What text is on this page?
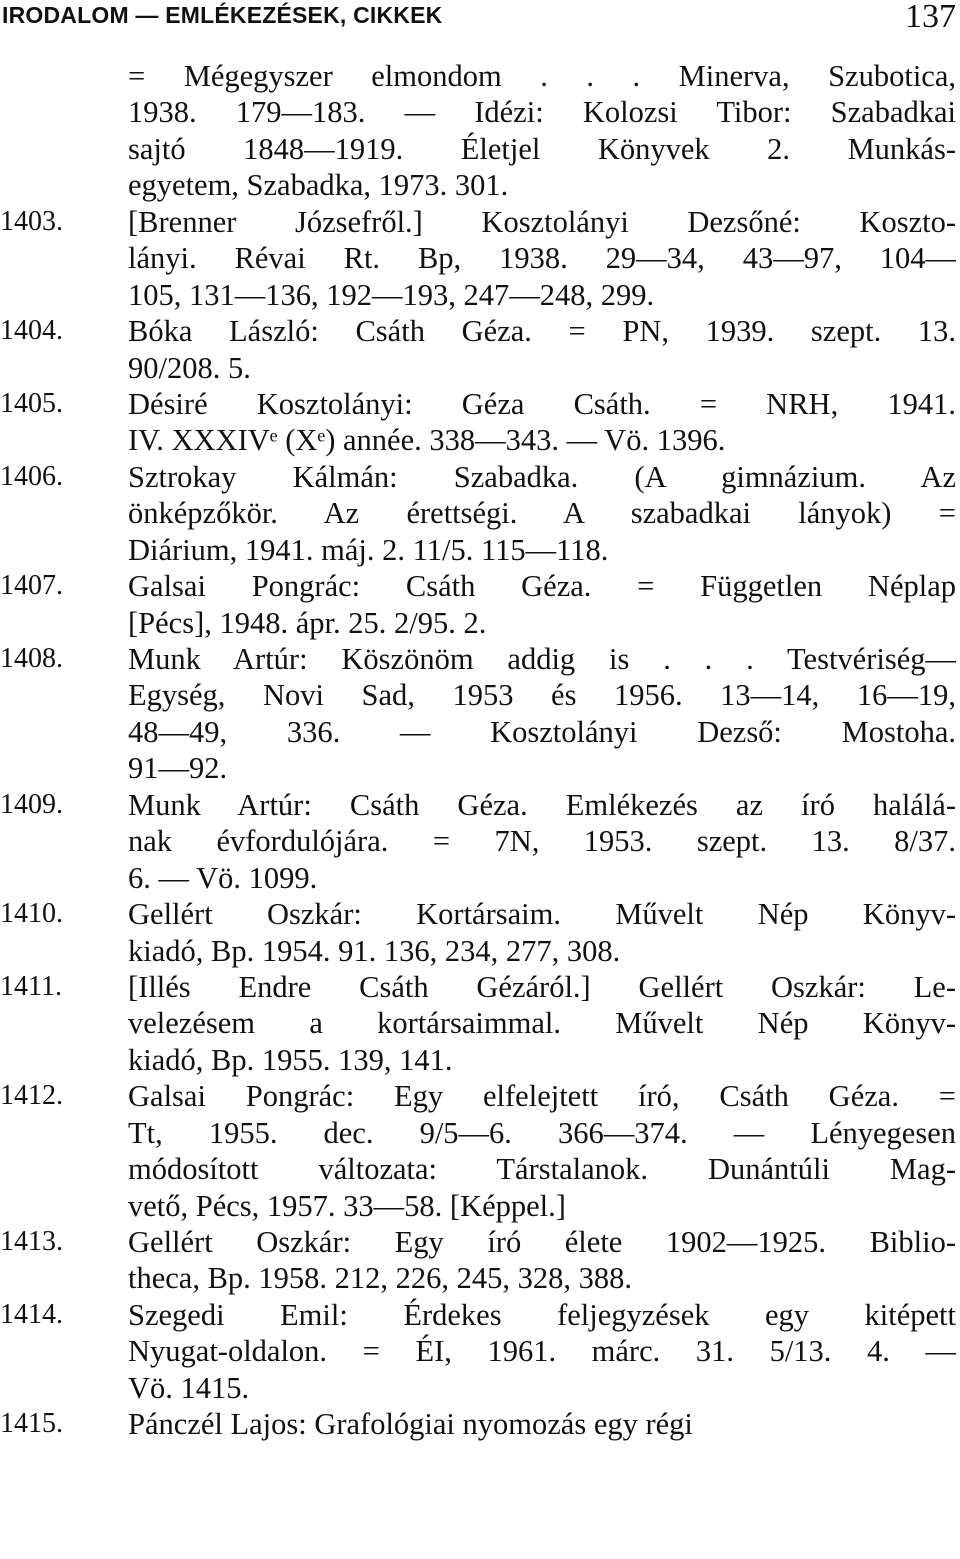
IRODALOM — EMLÉKEZÉSEK, CIKKEK	137
= Mégegyszer elmondom . . . Minerva, Szubotica,
1938. 179—183. — Idézi: Kolozsi Tibor: Szabadkai
sajtó 1848—1919. Életjel Könyvek 2. Munkás-
egyetem, Szabadka, 1973. 301.
1403.	[Brenner Józsefről.] Kosztolányi Dezsőné: Koszto-
lányi. Révai Rt. Bp, 1938. 29—34, 43—97, 104—
105, 131—136, 192—193, 247—248, 299.
1404.	Bóka László: Csáth Géza. = PN, 1939. szept. 13.
90/208. 5.
1405.	Désiré Kosztolányi: Géza Csáth. = NRH, 1941.
IV. XXXIVᵉ (Xᵉ) année. 338—343. — Vö. 1396.
1406.	Sztrokay Kálmán: Szabadka. (A gimnázium. Az
önképzőkör. Az érettségi. A szabadkai lányok) =
Diárium, 1941. máj. 2. 11/5. 115—118.
1407.	Galsai Pongrác: Csáth Géza. = Független Néplap
[Pécs], 1948. ápr. 25. 2/95. 2.
1408.	Munk Artúr: Köszönöm addig is . . . Testvériség—
Egység, Novi Sad, 1953 és 1956. 13—14, 16—19,
48—49, 336. — Kosztolányi Dezső: Mostoha.
91—92.
1409.	Munk Artúr: Csáth Géza. Emlékezés az író halálá-
nak évfordulójára. = 7N, 1953. szept. 13. 8/37.
6. — Vö. 1099.
1410.	Gellért Oszkár: Kortársaim. Művelt Nép Könyv-
kiadó, Bp. 1954. 91. 136, 234, 277, 308.
1411.	[Illés Endre Csáth Gézáról.] Gellért Oszkár: Le-
velezésem a kortársaimmal. Művelt Nép Könyv-
kiadó, Bp. 1955. 139, 141.
1412.	Galsai Pongrác: Egy elfelejtett író, Csáth Géza. =
Tt, 1955. dec. 9/5—6. 366—374. — Lényegesen
módosított változata: Társtalanok. Dunántúli Mag-
vető, Pécs, 1957. 33—58. [Képpel.]
1413.	Gellért Oszkár: Egy író élete 1902—1925. Biblio-
theca, Bp. 1958. 212, 226, 245, 328, 388.
1414.	Szegedi Emil: Érdekes feljegyzések egy kitépett
Nyugat-oldalon. = ÉI, 1961. márc. 31. 5/13. 4. —
Vö. 1415.
1415.	Pánczél Lajos: Grafológiai nyomozás egy régi
